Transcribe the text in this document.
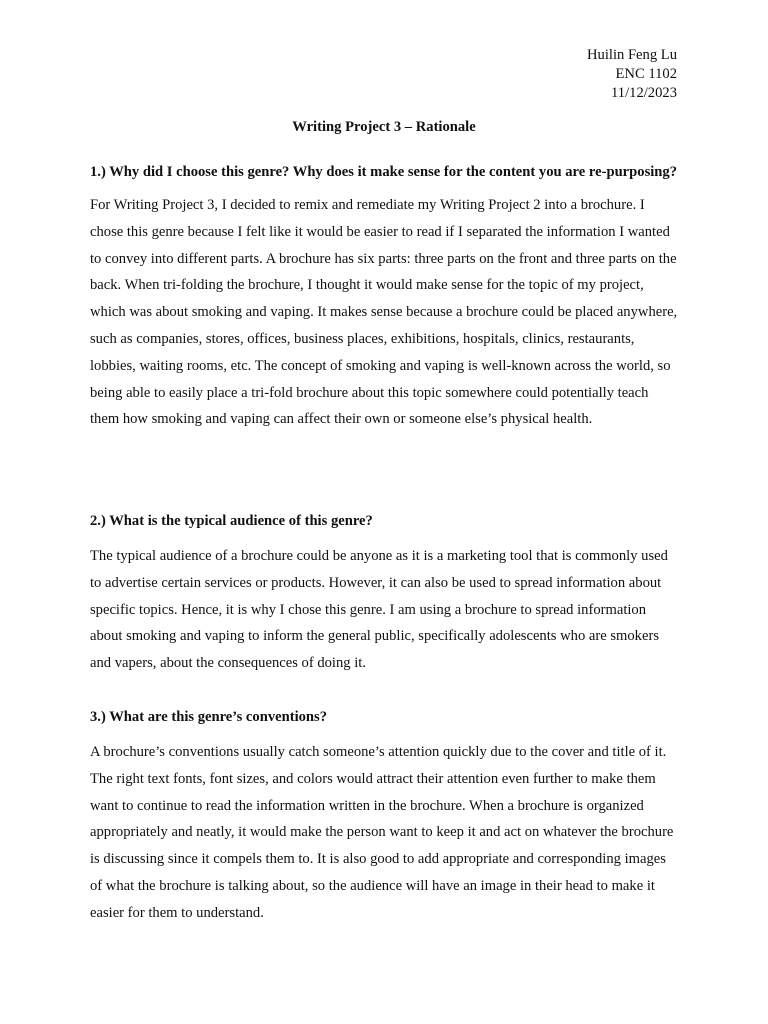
Huilin Feng Lu
ENC 1102
11/12/2023
Writing Project 3 – Rationale

1.) Why did I choose this genre? Why does it make sense for the content you are re-purposing?

For Writing Project 3, I decided to remix and remediate my Writing Project 2 into a brochure. I chose this genre because I felt like it would be easier to read if I separated the information I wanted to convey into different parts. A brochure has six parts: three parts on the front and three parts on the back. When tri-folding the brochure, I thought it would make sense for the topic of my project, which was about smoking and vaping. It makes sense because a brochure could be placed anywhere, such as companies, stores, offices, business places, exhibitions, hospitals, clinics, restaurants, lobbies, waiting rooms, etc. The concept of smoking and vaping is well-known across the world, so being able to easily place a tri-fold brochure about this topic somewhere could potentially teach them how smoking and vaping can affect their own or someone else’s physical health.

2.) What is the typical audience of this genre?

The typical audience of a brochure could be anyone as it is a marketing tool that is commonly used to advertise certain services or products. However, it can also be used to spread information about specific topics. Hence, it is why I chose this genre. I am using a brochure to spread information about smoking and vaping to inform the general public, specifically adolescents who are smokers and vapers, about the consequences of doing it.

3.) What are this genre’s conventions?

A brochure’s conventions usually catch someone’s attention quickly due to the cover and title of it. The right text fonts, font sizes, and colors would attract their attention even further to make them want to continue to read the information written in the brochure. When a brochure is organized appropriately and neatly, it would make the person want to keep it and act on whatever the brochure is discussing since it compels them to. It is also good to add appropriate and corresponding images of what the brochure is talking about, so the audience will have an image in their head to make it easier for them to understand.
